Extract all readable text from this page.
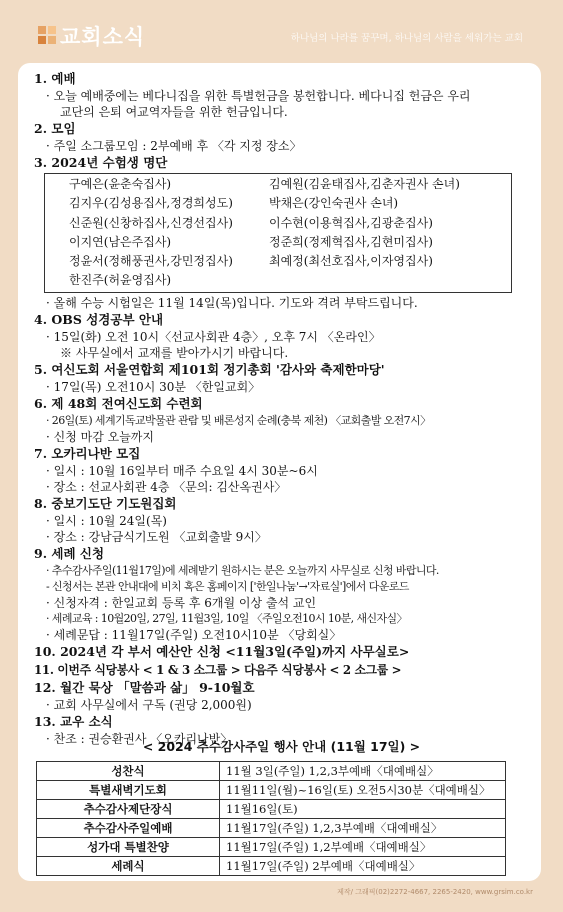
교회소식	하나님의 나라를 꿈꾸며, 하나님의 사람을 세워가는 교회
1. 예배
· 오늘 예배중에는 베다니집을 위한 특별헌금을 봉헌합니다. 베다니집 헌금은 우리
교단의 은퇴 여교역자들을 위한 헌금입니다.
2. 모임
· 주일 소그룹모임 : 2부예배 후 〈각 지정 장소〉
3. 2024년 수험생 명단
구예은(윤춘숙집사)	김예원(김윤태집사,김춘자권사 손녀)
김지우(김성용집사,정경희성도)	박채은(강인숙권사 손녀)
신준원(신창하집사,신경선집사)	이수현(이용혁집사,김광춘집사)
이지연(남은주집사)	정준희(정제혁집사,김현미집사)
정윤서(정해풍권사,강민정집사)	최예정(최선호집사,이자영집사)
한진주(허윤영집사)
· 올해 수능 시험일은 11월 14일(목)입니다. 기도와 격려 부탁드립니다.
4. OBS 성경공부 안내
· 15일(화) 오전 10시〈선교사회관 4층〉, 오후 7시 〈온라인〉
※ 사무실에서 교재를 받아가시기 바랍니다.
5. 여신도회 서울연합회 제101회 정기총회 '감사와 축제한마당'
· 17일(목) 오전10시 30분 〈한일교회〉
6. 제 48회 전여신도회 수련회
· 26일(토) 세계기독교박물관 관람 및 배론성지 순례(충북 제천) 〈교회출발 오전7시〉
· 신청 마감 오늘까지
7. 오카리나반 모집
· 일시 : 10월 16일부터 매주 수요일 4시 30분~6시
· 장소 : 선교사회관 4층 〈문의: 김산옥권사〉
8. 중보기도단 기도원집회
· 일시 : 10월 24일(목)
· 장소 : 강남금식기도원 〈교회출발 9시〉
9. 세례 신청
· 추수감사주일(11월17일)에 세례받기 원하시는 분은 오늘까지 사무실로 신청 바랍니다.
- 신청서는 본관 안내대에 비치 혹은 홈페이지 ['한일나눔'→'자료실']에서 다운로드
· 신청자격 : 한일교회 등록 후 6개월 이상 출석 교인
· 세례교육 : 10월20일, 27일, 11월3일, 10일 〈주일오전10시 10분, 새신자실〉
· 세례문답 : 11월17일(주일) 오전10시10분 〈당회실〉
10. 2024년 각 부서 예산안 신청 <11월3일(주일)까지 사무실로>
11. 이번주 식당봉사 < 1 & 3 소그룹 > 다음주 식당봉사 < 2 소그룹 >
12. 월간 묵상 「말씀과 삶」 9-10월호
· 교회 사무실에서 구독 (권당 2,000원)
13. 교우 소식
· 찬조 : 권승환권사 〈오카리나반〉
< 2024 추수감사주일 행사 안내 (11월 17일) >
성찬식	11월 3일(주일) 1,2,3부예배〈대예배실〉
특별새벽기도회	11월11일(월)~16일(토) 오전5시30분〈대예배실〉
추수감사제단장식	11월16일(토)
추수감사주일예배	11월17일(주일) 1,2,3부예배〈대예배실〉
성가대 특별찬양	11월17일(주일) 1,2부예배〈대예배실〉
세례식	11월17일(주일) 2부예배〈대예배실〉
제작/ 그래픽(02)2272-4667, 2265-2420, www.grsim.co.kr
